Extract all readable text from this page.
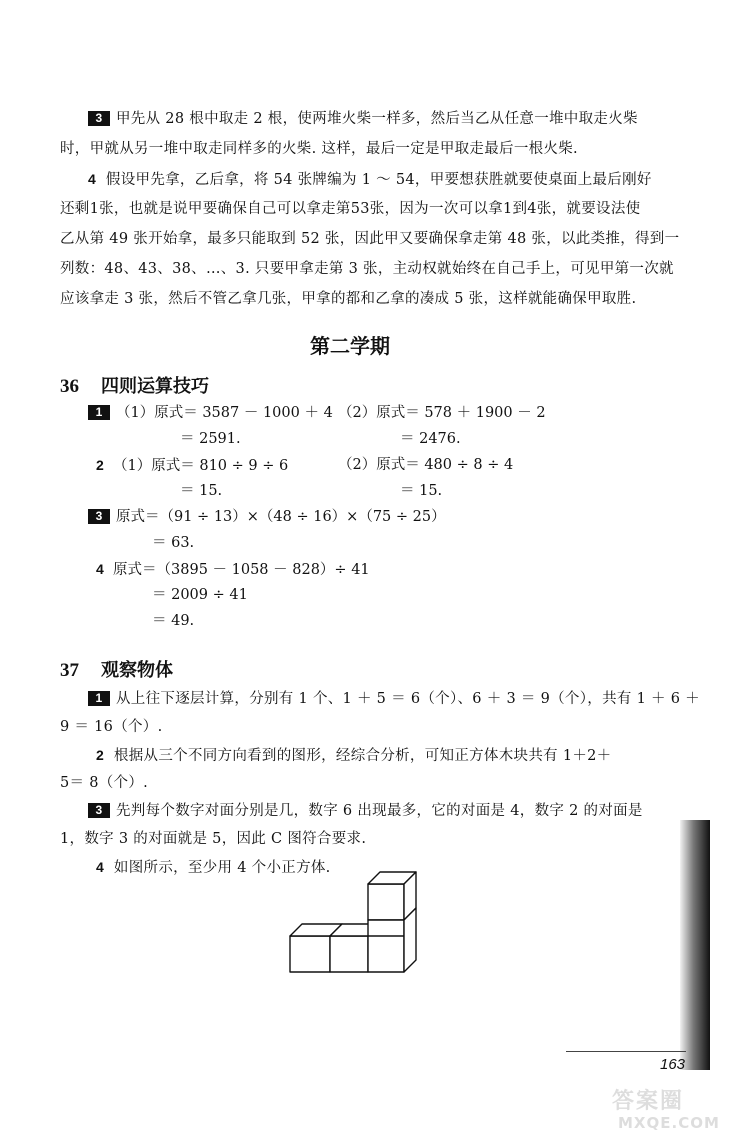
3 甲先从 28 根中取走 2 根，使两堆火柴一样多，然后当乙从任意一堆中取走火柴
时，甲就从另一堆中取走同样多的火柴. 这样，最后一定是甲取走最后一根火柴.
4 假设甲先拿，乙后拿，将 54 张牌编为 1 ～ 54，甲要想获胜就要使桌面上最后刚好
还剩1张，也就是说甲要确保自己可以拿走第53张，因为一次可以拿1到4张，就要设法使
乙从第 49 张开始拿，最多只能取到 52 张，因此甲又要确保拿走第 48 张，以此类推，得到一
列数：48、43、38、…、3. 只要甲拿走第 3 张，主动权就始终在自己手上，可见甲第一次就
应该拿走 3 张，然后不管乙拿几张，甲拿的都和乙拿的凑成 5 张，这样就能确保甲取胜.
第二学期
36 四则运算技巧
1 （1）原式＝ 3587 － 1000 ＋ 4
＝ 2591.
（2）原式＝ 578 ＋ 1900 － 2
＝ 2476.
2 （1）原式＝ 810 ÷ 9 ÷ 6
＝ 15.
（2）原式＝ 480 ÷ 8 ÷ 4
＝ 15.
3 原式＝（91 ÷ 13）×（48 ÷ 16）×（75 ÷ 25）
＝ 63.
4 原式＝（3895 － 1058 － 828）÷ 41
＝ 2009 ÷ 41
＝ 49.
37 观察物体
1 从上往下逐层计算，分别有 1 个、1 ＋ 5 ＝ 6（个）、6 ＋ 3 ＝ 9（个），共有 1 ＋ 6 ＋
9 ＝ 16（个）.
2 根据从三个不同方向看到的图形，经综合分析，可知正方体木块共有 1＋2＋
5＝ 8（个）.
3 先判每个数字对面分别是几，数字 6 出现最多，它的对面是 4，数字 2 的对面是
1，数字 3 的对面就是 5，因此 C 图符合要求.
4 如图所示，至少用 4 个小正方体.
163
答案圈
MXQE.COM
